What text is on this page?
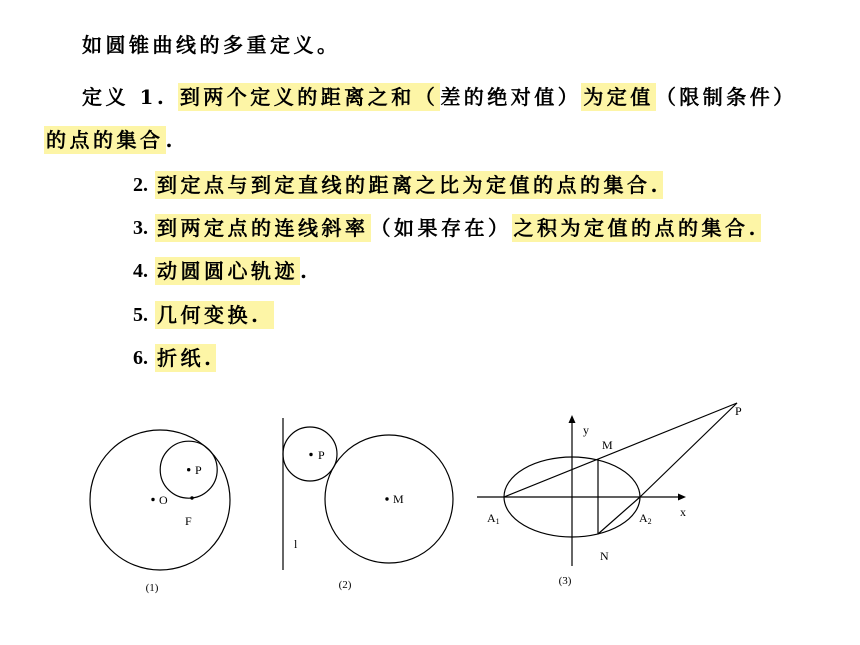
如圆锥曲线的多重定义。
定义 1. 到两个定义的距离之和（ 差的绝对值） 为定值 （限制条件）
的点的集合 .
2. 到定点与到定直线的距离之比为定值的点的集合.
3. 到两定点的连线斜率 （如果存在） 之积为定值的点的集合.
4. 动圆圆心轨迹 .
5. 几何变换.
6. 折纸.
P
O
F
(1)
l
P
M
(2)
x
y
M
N
P
A1	A2
(3)
